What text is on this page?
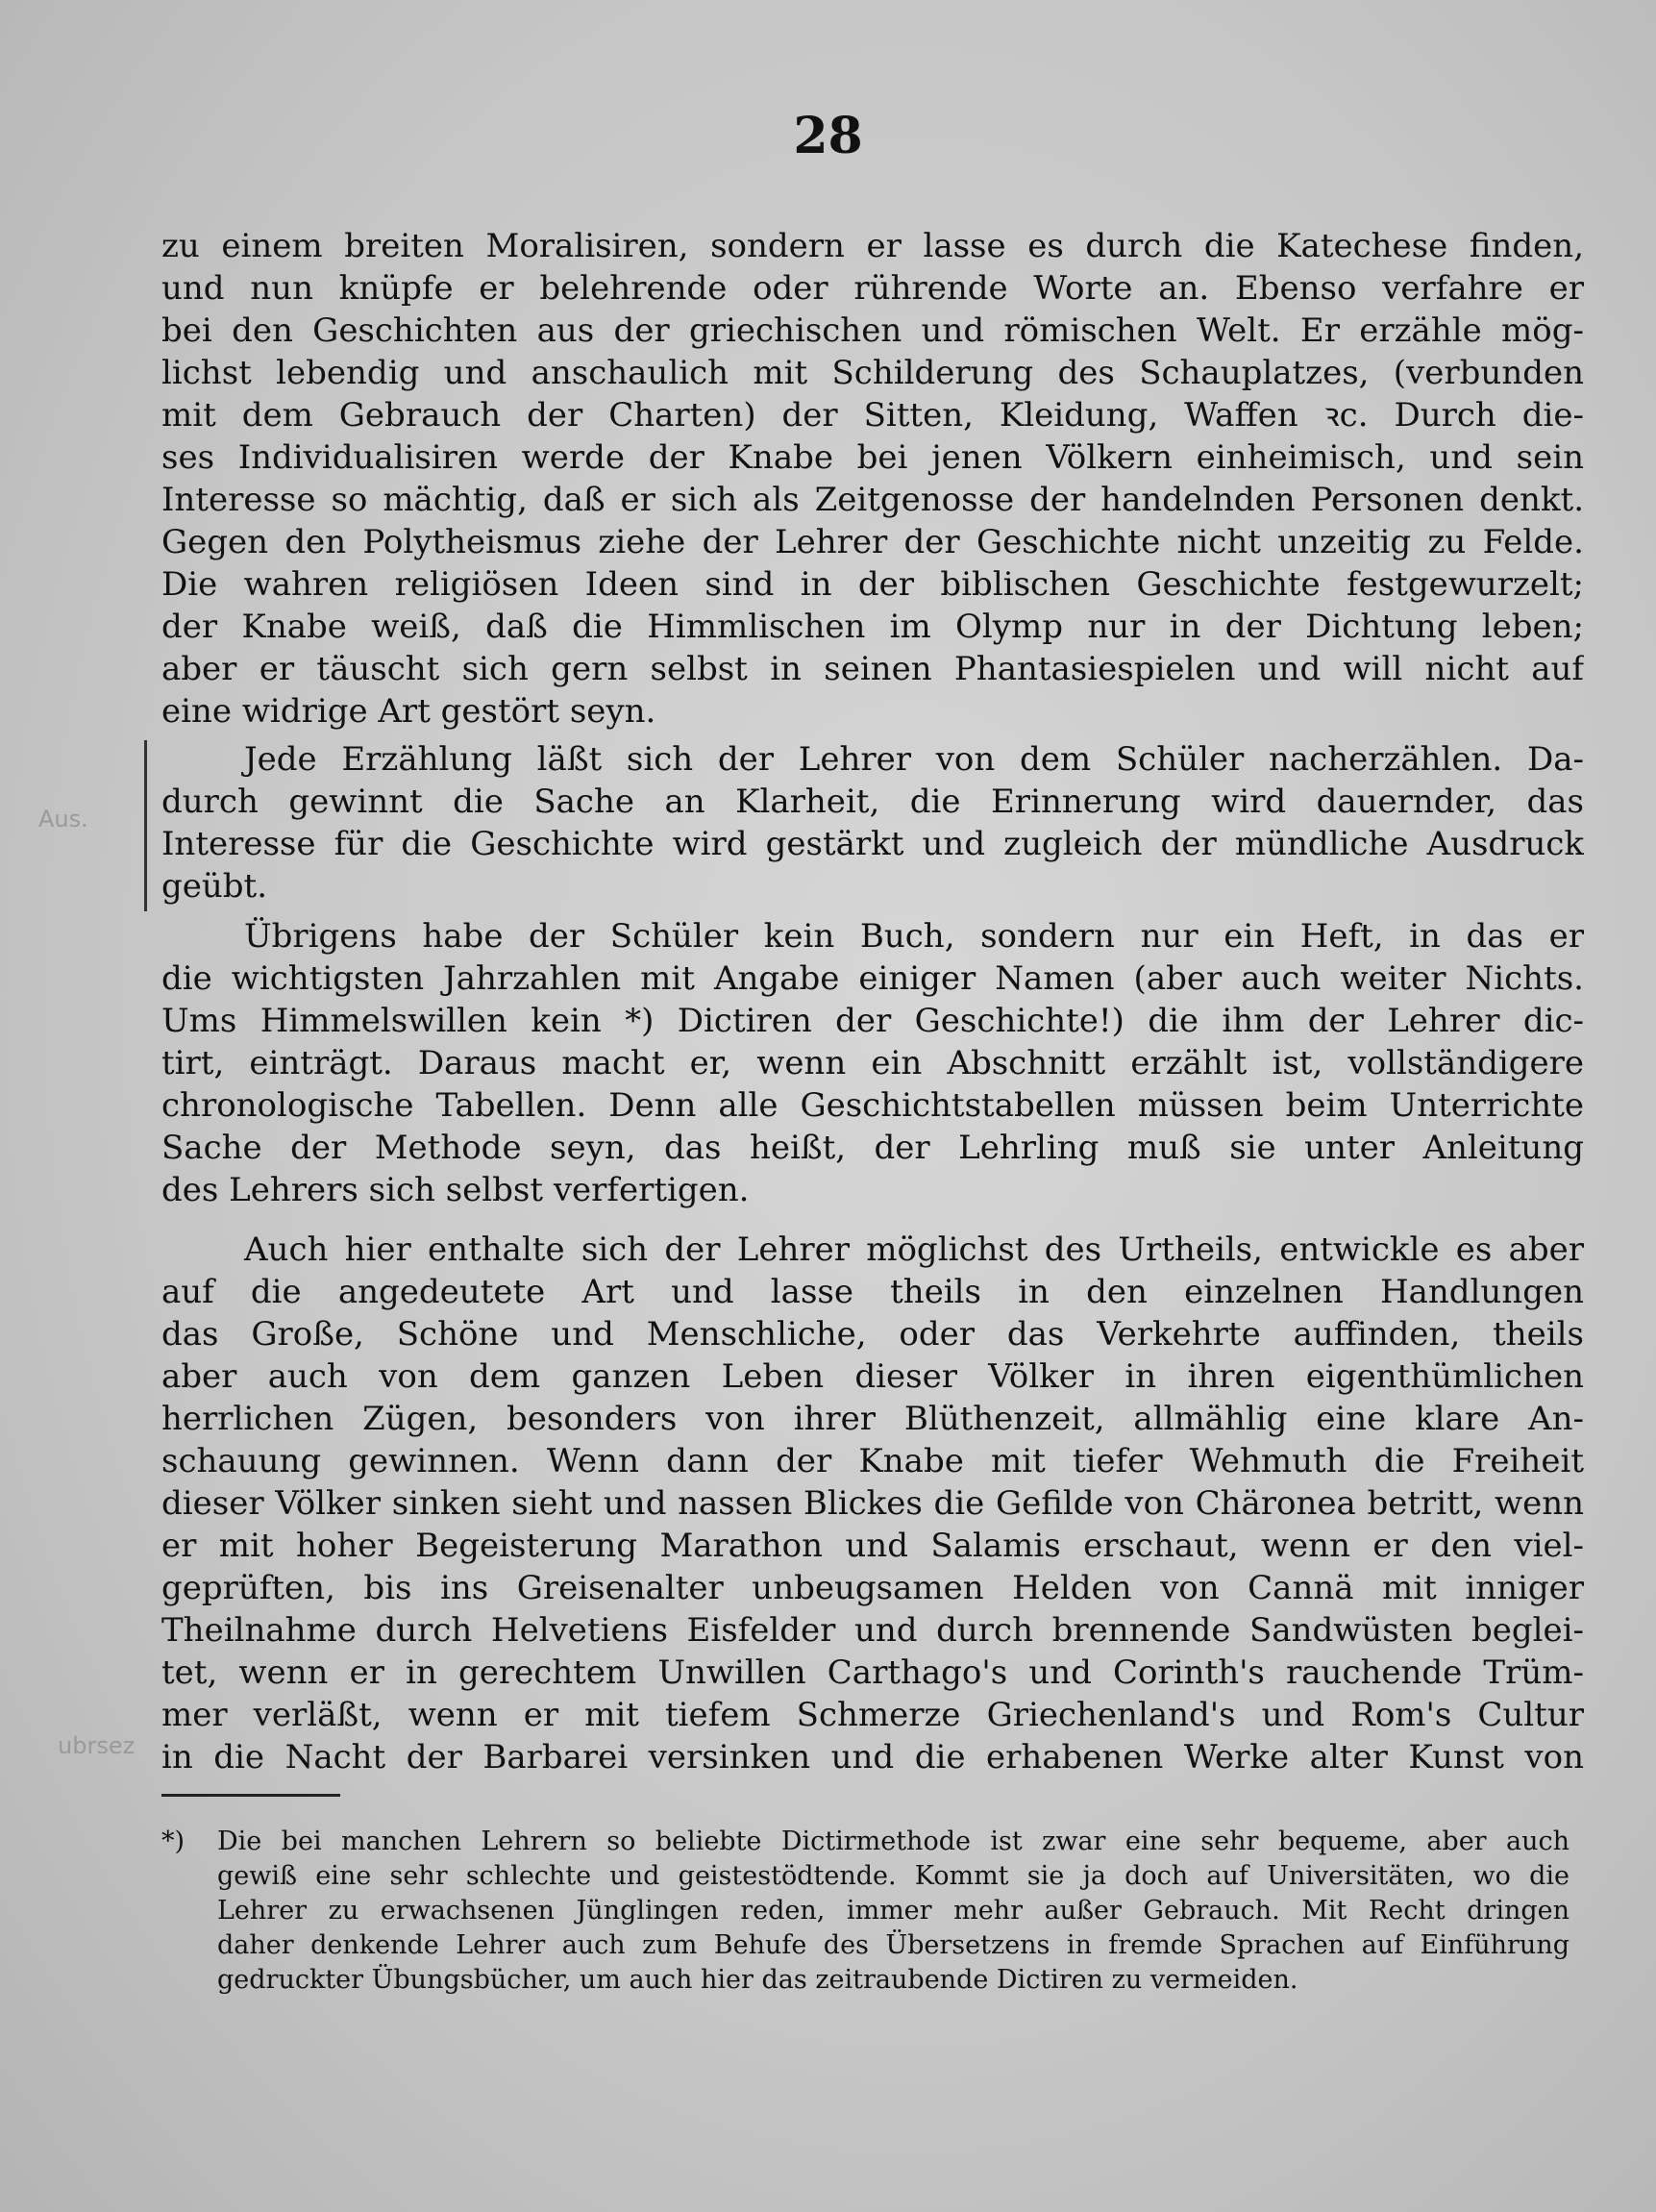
28
Aus.
ubrsez
zu einem breiten Moralisiren, sondern er lasse es durch die Katechese finden,
und nun knüpfe er belehrende oder rührende Worte an. Ebenso verfahre er
bei den Geschichten aus der griechischen und römischen Welt. Er erzähle mög-
lichst lebendig und anschaulich mit Schilderung des Schauplatzes, (verbunden
mit dem Gebrauch der Charten) der Sitten, Kleidung, Waffen ꝛc. Durch die-
ses Individualisiren werde der Knabe bei jenen Völkern einheimisch, und sein
Interesse so mächtig, daß er sich als Zeitgenosse der handelnden Personen denkt.
Gegen den Polytheismus ziehe der Lehrer der Geschichte nicht unzeitig zu Felde.
Die wahren religiösen Ideen sind in der biblischen Geschichte festgewurzelt;
der Knabe weiß, daß die Himmlischen im Olymp nur in der Dichtung leben;
aber er täuscht sich gern selbst in seinen Phantasiespielen und will nicht auf
eine widrige Art gestört seyn.
Jede Erzählung läßt sich der Lehrer von dem Schüler nacherzählen. Da-
durch gewinnt die Sache an Klarheit, die Erinnerung wird dauernder, das
Interesse für die Geschichte wird gestärkt und zugleich der mündliche Ausdruck
geübt.
Übrigens habe der Schüler kein Buch, sondern nur ein Heft, in das er
die wichtigsten Jahrzahlen mit Angabe einiger Namen (aber auch weiter Nichts.
Ums Himmelswillen kein *) Dictiren der Geschichte!) die ihm der Lehrer dic-
tirt, einträgt. Daraus macht er, wenn ein Abschnitt erzählt ist, vollständigere
chronologische Tabellen. Denn alle Geschichtstabellen müssen beim Unterrichte
Sache der Methode seyn, das heißt, der Lehrling muß sie unter Anleitung
des Lehrers sich selbst verfertigen.
Auch hier enthalte sich der Lehrer möglichst des Urtheils, entwickle es aber
auf die angedeutete Art und lasse theils in den einzelnen Handlungen
das Große, Schöne und Menschliche, oder das Verkehrte auffinden, theils
aber auch von dem ganzen Leben dieser Völker in ihren eigenthümlichen
herrlichen Zügen, besonders von ihrer Blüthenzeit, allmählig eine klare An-
schauung gewinnen. Wenn dann der Knabe mit tiefer Wehmuth die Freiheit
dieser Völker sinken sieht und nassen Blickes die Gefilde von Chäronea betritt, wenn
er mit hoher Begeisterung Marathon und Salamis erschaut, wenn er den viel-
geprüften, bis ins Greisenalter unbeugsamen Helden von Cannä mit inniger
Theilnahme durch Helvetiens Eisfelder und durch brennende Sandwüsten beglei-
tet, wenn er in gerechtem Unwillen Carthago's und Corinth's rauchende Trüm-
mer verläßt, wenn er mit tiefem Schmerze Griechenland's und Rom's Cultur
in die Nacht der Barbarei versinken und die erhabenen Werke alter Kunst von
*)	Die bei manchen Lehrern so beliebte Dictirmethode ist zwar eine sehr bequeme, aber auch
gewiß eine sehr schlechte und geistestödtende. Kommt sie ja doch auf Universitäten, wo die
Lehrer zu erwachsenen Jünglingen reden, immer mehr außer Gebrauch. Mit Recht dringen
daher denkende Lehrer auch zum Behufe des Übersetzens in fremde Sprachen auf Einführung
gedruckter Übungsbücher, um auch hier das zeitraubende Dictiren zu vermeiden.
